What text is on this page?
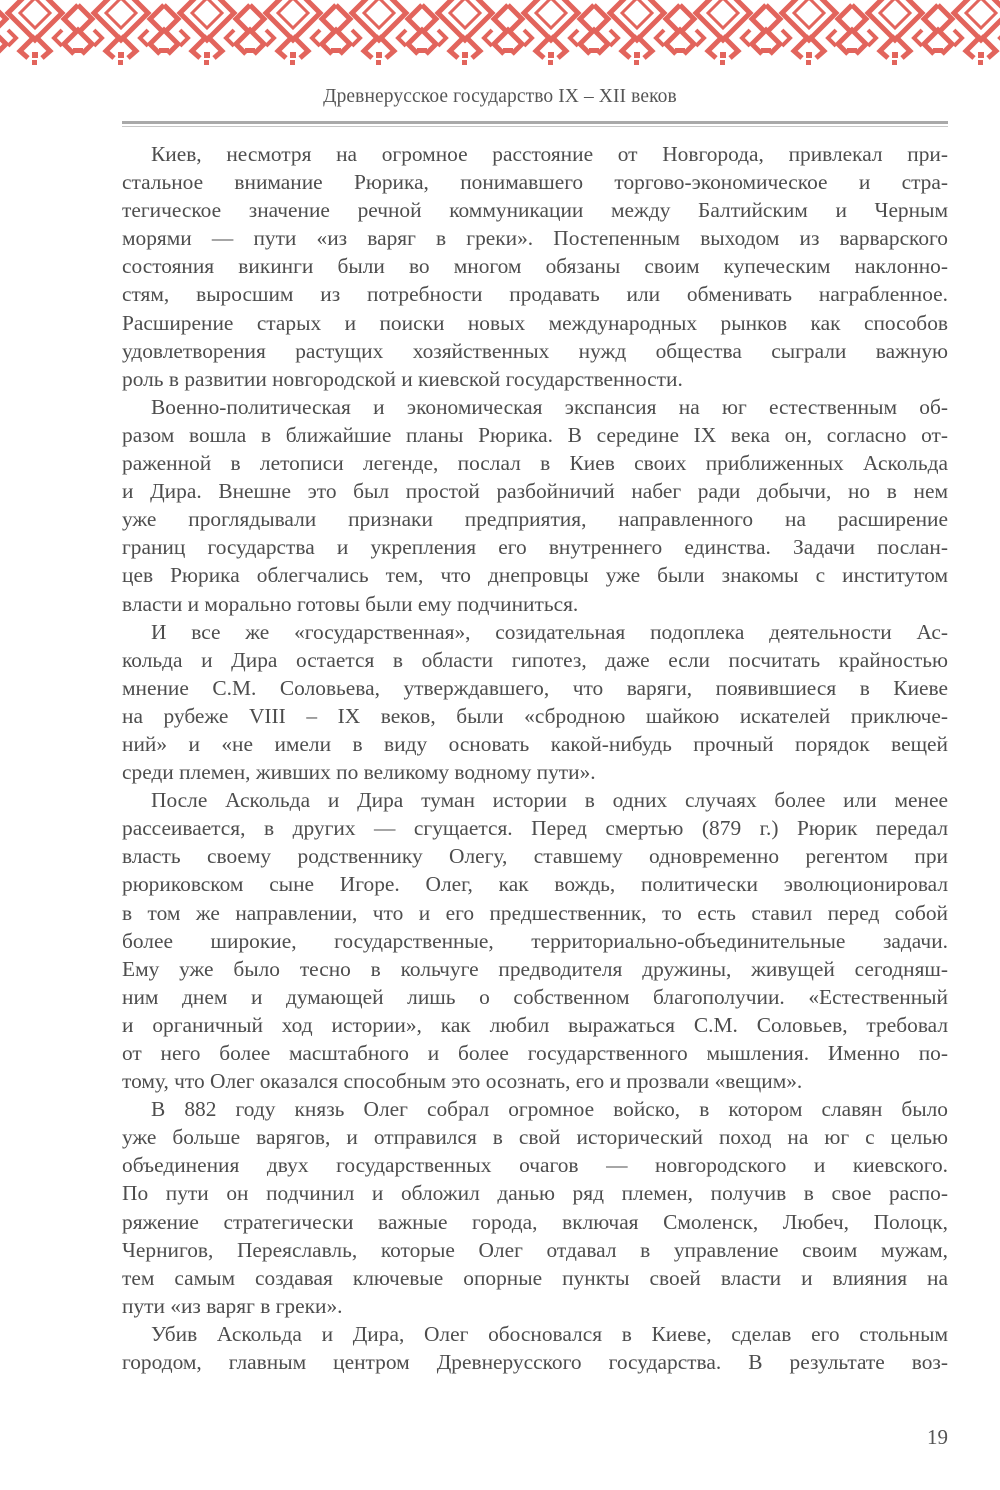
Древнерусское государство IX – XII веков
Киев, несмотря на огромное расстояние от Новгорода, привлекал при-
стальное внимание Рюрика, понимавшего торгово-экономическое и стра-
тегическое значение речной коммуникации между Балтийским и Черным
морями — пути «из варяг в греки». Постепенным выходом из варварского
состояния викинги были во многом обязаны своим купеческим наклонно-
стям, выросшим из потребности продавать или обменивать награбленное.
Расширение старых и поиски новых международных рынков как способов
удовлетворения растущих хозяйственных нужд общества сыграли важную
роль в развитии новгородской и киевской государственности.
Военно-политическая и экономическая экспансия на юг естественным об-
разом вошла в ближайшие планы Рюрика. В середине IX века он, согласно от-
раженной в летописи легенде, послал в Киев своих приближенных Аскольда
и Дира. Внешне это был простой разбойничий набег ради добычи, но в нем
уже проглядывали признаки предприятия, направленного на расширение
границ государства и укрепления его внутреннего единства. Задачи послан-
цев Рюрика облегчались тем, что днепровцы уже были знакомы с институтом
власти и морально готовы были ему подчиниться.
И все же «государственная», созидательная подоплека деятельности Ас-
кольда и Дира остается в области гипотез, даже если посчитать крайностью
мнение С.М. Соловьева, утверждавшего, что варяги, появившиеся в Киеве
на рубеже VIII – IX веков, были «сбродною шайкою искателей приключе-
ний» и «не имели в виду основать какой-нибудь прочный порядок вещей
среди племен, живших по великому водному пути».
После Аскольда и Дира туман истории в одних случаях более или менее
рассеивается, в других — сгущается. Перед смертью (879 г.) Рюрик передал
власть своему родственнику Олегу, ставшему одновременно регентом при
рюриковском сыне Игоре. Олег, как вождь, политически эволюционировал
в том же направлении, что и его предшественник, то есть ставил перед собой
более широкие, государственные, территориально-объединительные задачи.
Ему уже было тесно в кольчуге предводителя дружины, живущей сегодняш-
ним днем и думающей лишь о собственном благополучии. «Естественный
и органичный ход истории», как любил выражаться С.М. Соловьев, требовал
от него более масштабного и более государственного мышления. Именно по-
тому, что Олег оказался способным это осознать, его и прозвали «вещим».
В 882 году князь Олег собрал огромное войско, в котором славян было
уже больше варягов, и отправился в свой исторический поход на юг с целью
объединения двух государственных очагов — новгородского и киевского.
По пути он подчинил и обложил данью ряд племен, получив в свое распо-
ряжение стратегически важные города, включая Смоленск, Любеч, Полоцк,
Чернигов, Переяславль, которые Олег отдавал в управление своим мужам,
тем самым создавая ключевые опорные пункты своей власти и влияния на
пути «из варяг в греки».
Убив Аскольда и Дира, Олег обосновался в Киеве, сделав его стольным
городом, главным центром Древнерусского государства. В результате воз-
19
